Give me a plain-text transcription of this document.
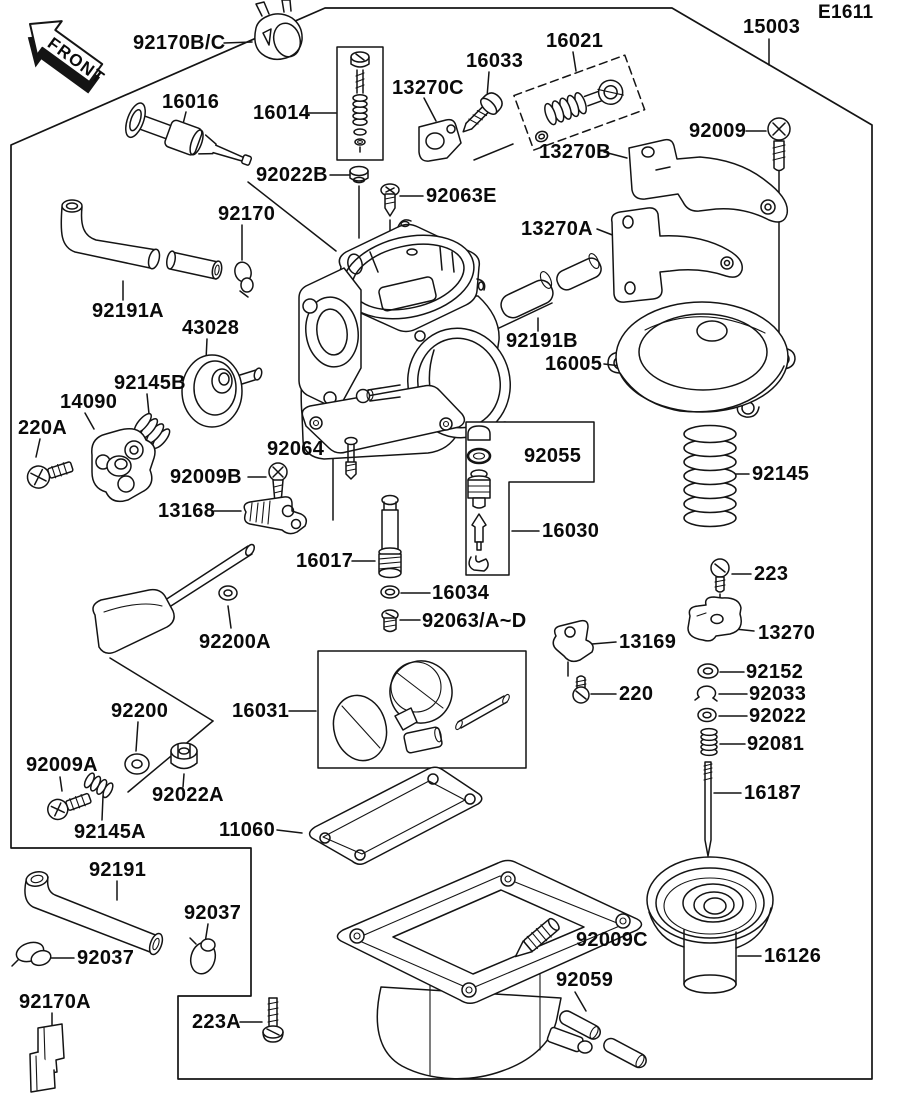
FRONT
E1611
15003
92170B/C
16016 16014
13270C
16033
16021
92009
13270B
92022B
92063E
92170
13270A
92191A
43028
92191B
16005
92145B
14090
220A
92064	92055
92009B
13168
16030
16017
92145
223
16034
92063/A~D
13270
13169
92200A
92152
220	92033
16031
92200	92022
92081
92009A
16187
92022A
11060
92145A
92191
92037
92009C
16126
92037
92059
92170A
223A
